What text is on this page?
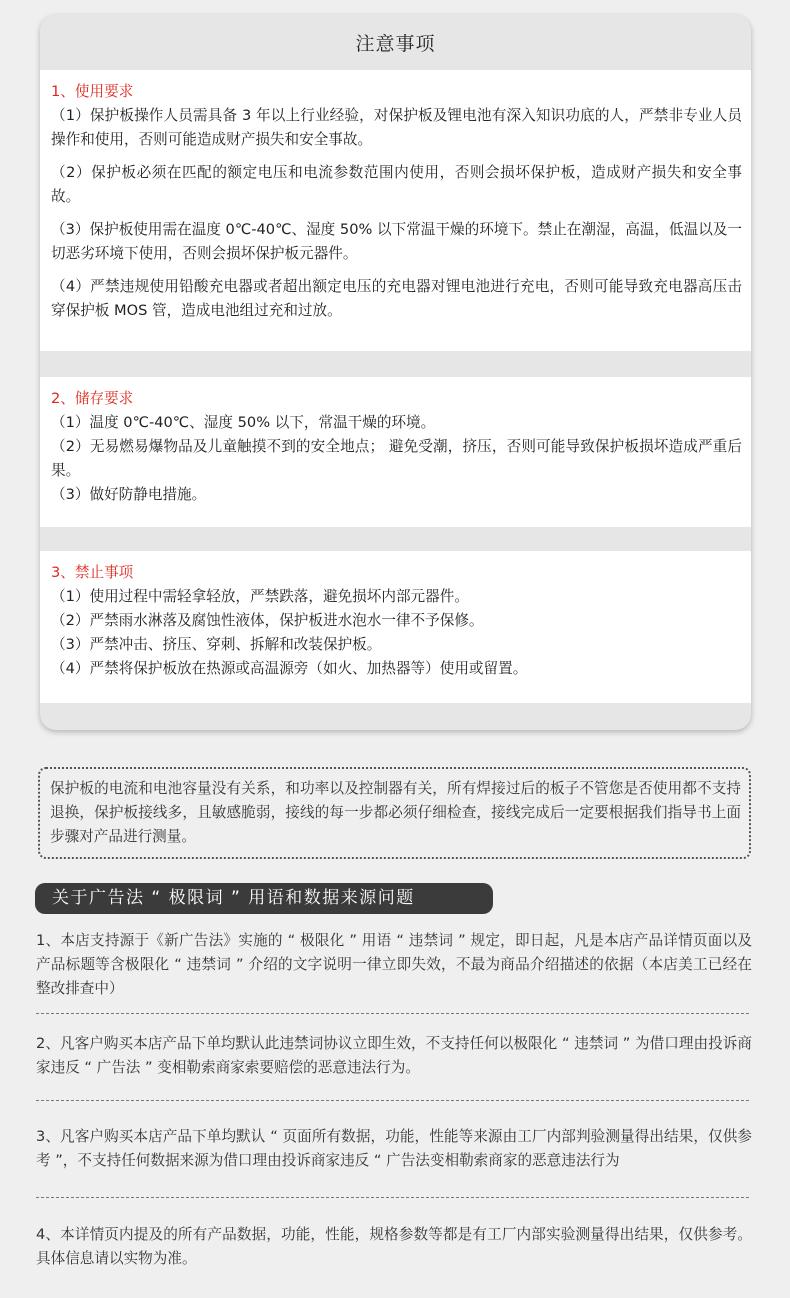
注意事项
1、使用要求
（1）保护板操作人员需具备 3 年以上行业经验，对保护板及锂电池有深入知识功底的人，严禁非专业人员操作和使用，否则可能造成财产损失和安全事故。
（2）保护板必须在匹配的额定电压和电流参数范围内使用，否则会损坏保护板，造成财产损失和安全事故。
（3）保护板使用需在温度 0℃-40℃、湿度 50% 以下常温干燥的环境下。禁止在潮湿，高温，低温以及一切恶劣环境下使用，否则会损坏保护板元器件。
（4）严禁违规使用铅酸充电器或者超出额定电压的充电器对锂电池进行充电，否则可能导致充电器高压击穿保护板 MOS 管，造成电池组过充和过放。
2、储存要求
（1）温度 0℃-40℃、湿度 50% 以下，常温干燥的环境。
（2）无易燃易爆物品及儿童触摸不到的安全地点； 避免受潮，挤压，否则可能导致保护板损坏造成严重后果。
（3）做好防静电措施。
3、禁止事项
（1）使用过程中需轻拿轻放，严禁跌落，避免损坏内部元器件。
（2）严禁雨水淋落及腐蚀性液体，保护板进水泡水一律不予保修。
（3）严禁冲击、挤压、穿刺、拆解和改装保护板。
（4）严禁将保护板放在热源或高温源旁（如火、加热器等）使用或留置。
保护板的电流和电池容量没有关系，和功率以及控制器有关，所有焊接过后的板子不管您是否使用都不支持退换，保护板接线多，且敏感脆弱，接线的每一步都必须仔细检查，接线完成后一定要根据我们指导书上面步骤对产品进行测量。
关于广告法 “ 极限词 ” 用语和数据来源问题
1、本店支持源于《新广告法》实施的 “ 极限化 ” 用语 “ 违禁词 ” 规定，即日起，凡是本店产品详情页面以及产品标题等含极限化 “ 违禁词 ” 介绍的文字说明一律立即失效，不最为商品介绍描述的依据（本店美工已经在整改排查中）
2、凡客户购买本店产品下单均默认此违禁词协议立即生效，不支持任何以极限化 “ 违禁词 ” 为借口理由投诉商家违反 “ 广告法 ” 变相勒索商家索要赔偿的恶意违法行为。
3、凡客户购买本店产品下单均默认 “ 页面所有数据，功能，性能等来源由工厂内部判验测量得出结果，仅供参考 ”，不支持任何数据来源为借口理由投诉商家违反 “ 广告法变相勒索商家的恶意违法行为
4、本详情页内提及的所有产品数据，功能，性能，规格参数等都是有工厂内部实验测量得出结果，仅供参考。具体信息请以实物为准。
